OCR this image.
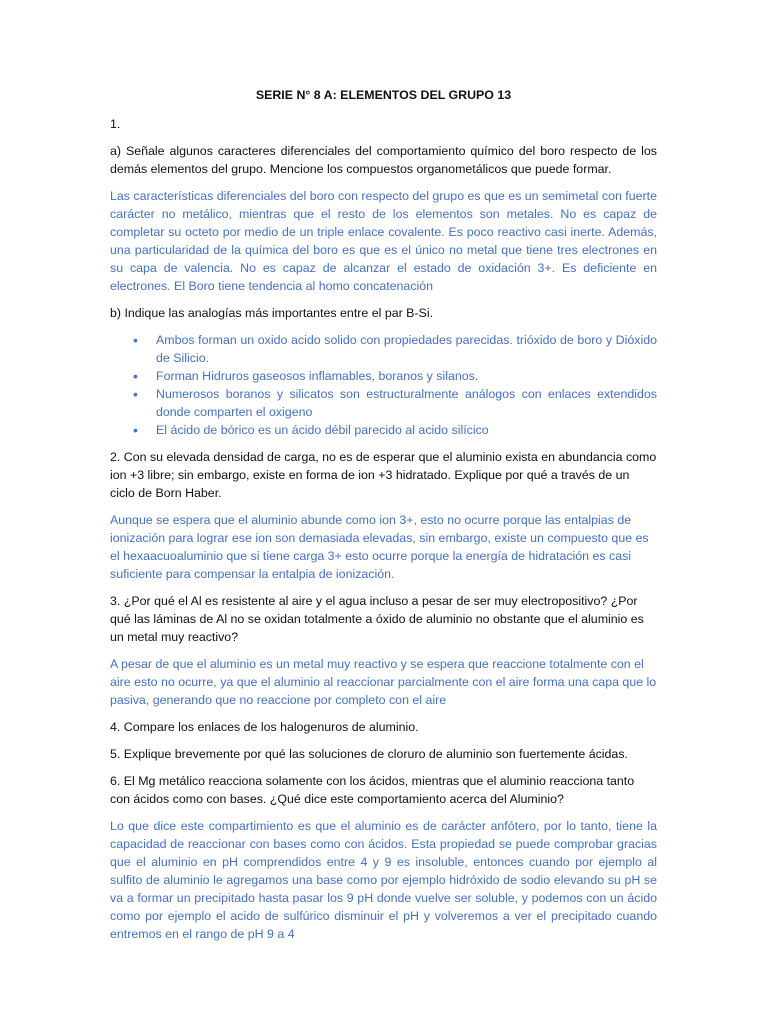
SERIE N° 8 A: ELEMENTOS DEL GRUPO 13

1.

a) Señale algunos caracteres diferenciales del comportamiento químico del boro respecto de los demás elementos del grupo. Mencione los compuestos organometálicos que puede formar.

Las características diferenciales del boro con respecto del grupo es que es un semimetal con fuerte carácter no metálico, mientras que el resto de los elementos son metales. No es capaz de completar su octeto por medio de un triple enlace covalente. Es poco reactivo casi inerte. Además, una particularidad de la química del boro es que es el único no metal que tiene tres electrones en su capa de valencia. No es capaz de alcanzar el estado de oxidación 3+. Es deficiente en electrones. El Boro tiene tendencia al homo concatenación

b) Indique las analogías más importantes entre el par B-Si.

• Ambos forman un oxido acido solido con propiedades parecidas. trióxido de boro y Dióxido de Silicio.
• Forman Hidruros gaseosos inflamables, boranos y silanos.
• Numerosos boranos y silicatos son estructuralmente análogos con enlaces extendidos donde comparten el oxigeno
• El ácido de bórico es un ácido débil parecido al acido silícico

2. Con su elevada densidad de carga, no es de esperar que el aluminio exista en abundancia como ion +3 libre; sin embargo, existe en forma de ion +3 hidratado. Explique por qué a través de un ciclo de Born Haber.

Aunque se espera que el aluminio abunde como ion 3+, esto no ocurre porque las entalpias de ionización para lograr ese ion son demasiada elevadas, sin embargo, existe un compuesto que es el hexaacuoaluminio que si tiene carga 3+ esto ocurre porque la energía de hidratación es casi suficiente para compensar la entalpia de ionización.

3. ¿Por qué el Al es resistente al aire y el agua incluso a pesar de ser muy electropositivo? ¿Por qué las láminas de Al no se oxidan totalmente a óxido de aluminio no obstante que el aluminio es un metal muy reactivo?

A pesar de que el aluminio es un metal muy reactivo y se espera que reaccione totalmente con el aire esto no ocurre, ya que el aluminio al reaccionar parcialmente con el aire forma una capa que lo pasiva, generando que no reaccione por completo con el aire

4. Compare los enlaces de los halogenuros de aluminio.

5. Explique brevemente por qué las soluciones de cloruro de aluminio son fuertemente ácidas.

6. El Mg metálico reacciona solamente con los ácidos, mientras que el aluminio reacciona tanto con ácidos como con bases. ¿Qué dice este comportamiento acerca del Aluminio?

Lo que dice este compartimiento es que el aluminio es de carácter anfótero, por lo tanto, tiene la capacidad de reaccionar con bases como con ácidos. Esta propiedad se puede comprobar gracias que el aluminio en pH comprendidos entre 4 y 9 es insoluble, entonces cuando por ejemplo al sulfito de aluminio le agregamos una base como por ejemplo hidróxido de sodio elevando su pH se va a formar un precipitado hasta pasar los 9 pH donde vuelve ser soluble, y podemos con un ácido como por ejemplo el acido de sulfúrico disminuir el pH y volveremos a ver el precipitado cuando entremos en el rango de pH 9 a 4
